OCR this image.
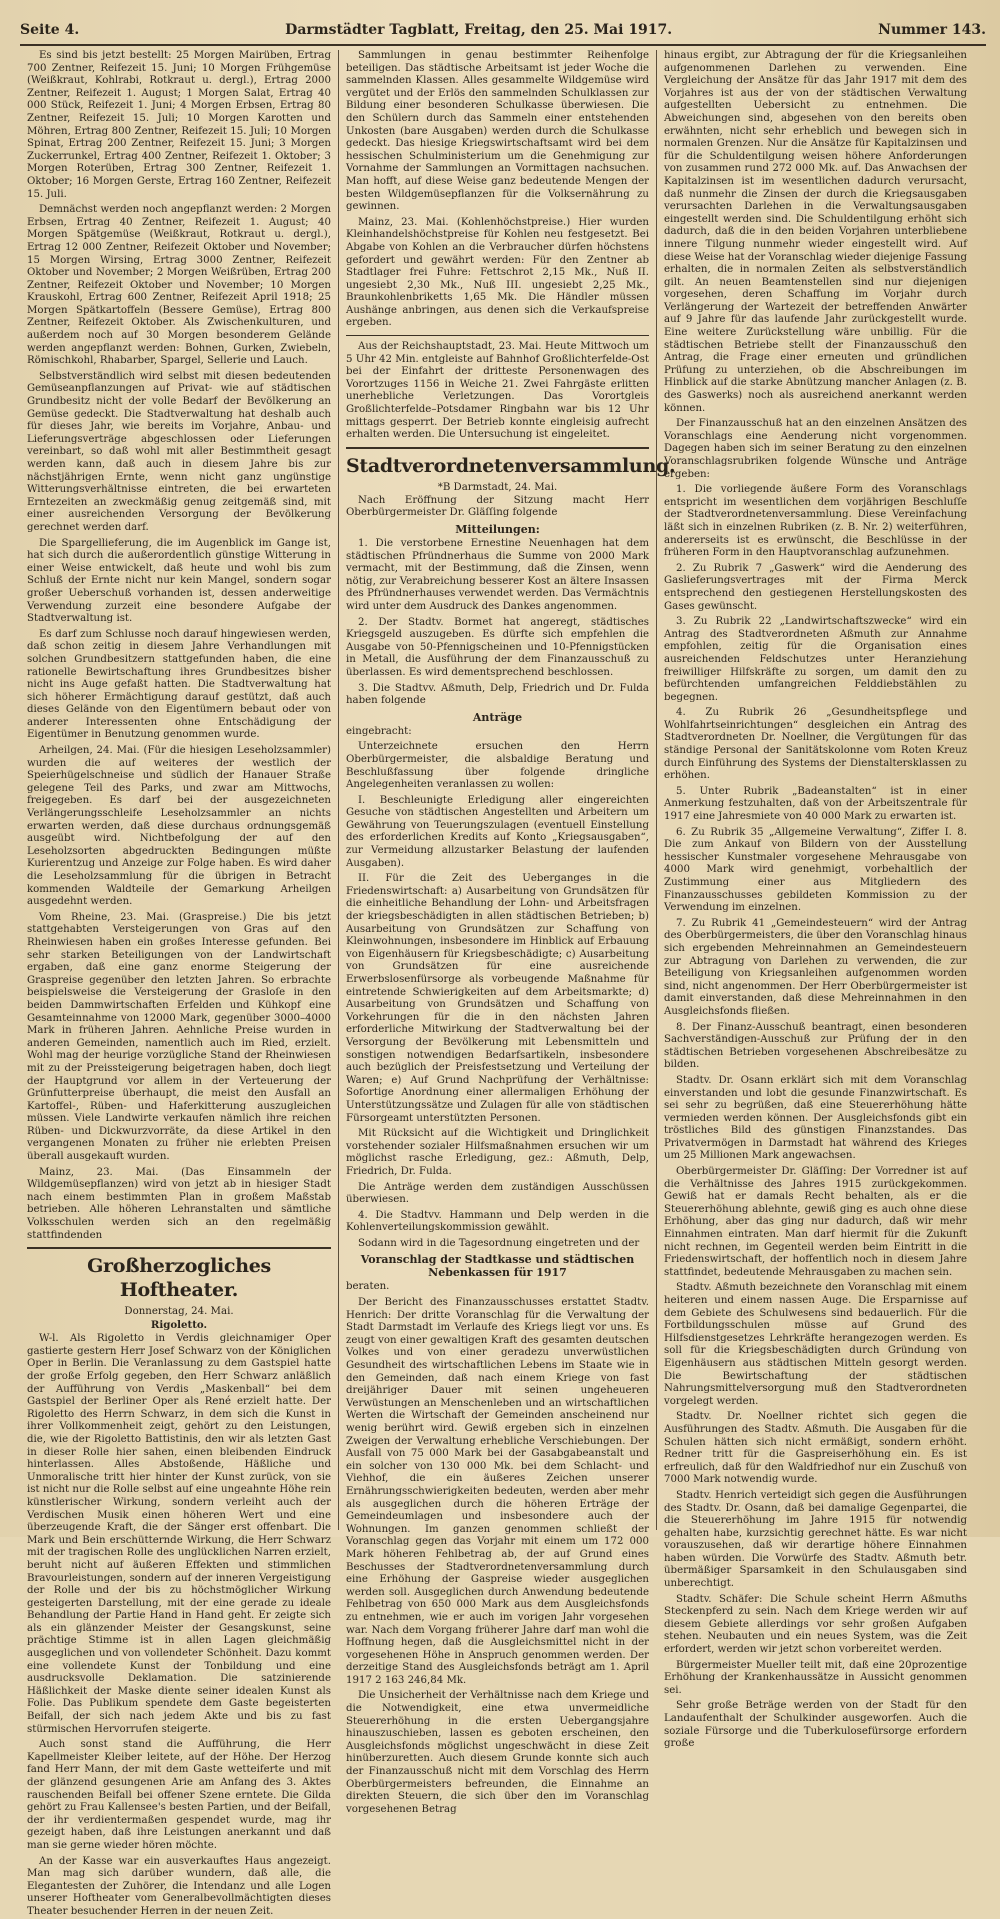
Seite 4.	Darmstädter Tagblatt, Freitag, den 25. Mai 1917.	Nummer 143.

Es sind bis jetzt bestellt: 25 Morgen Mairüben, Ertrag 700 Zentner, Reifezeit 15. Juni; 10 Morgen Frühgemüse (Weißkraut, Kohlrabi, Rotkraut u. dergl.), Ertrag 2000 Zentner, Reifezeit 1. August; 1 Morgen Salat, Ertrag 40 000 Stück, Reifezeit 1. Juni; 4 Morgen Erbsen, Ertrag 80 Zentner, Reifezeit 15. Juli; 10 Morgen Karotten und Möhren, Ertrag 800 Zentner, Reifezeit 15. Juli; 10 Morgen Spinat, Ertrag 200 Zentner, Reifezeit 15. Juni; 3 Morgen Zuckerrunkel, Ertrag 400 Zentner, Reifezeit 1. Oktober; 3 Morgen Roterüben, Ertrag 300 Zentner, Reifezeit 1. Oktober; 16 Morgen Gerste, Ertrag 160 Zentner, Reifezeit 15. Juli.

Demnächst werden noch angepflanzt werden: 2 Morgen Erbsen, Ertrag 40 Zentner, Reifezeit 1. August; 40 Morgen Spätgemüse (Weißkraut, Rotkraut u. dergl.), Ertrag 12 000 Zentner, Reifezeit Oktober und November; 15 Morgen Wirsing, Ertrag 3000 Zentner, Reifezeit Oktober und November; 2 Morgen Weißrüben, Ertrag 200 Zentner, Reifezeit Oktober und November; 10 Morgen Krauskohl, Ertrag 600 Zentner, Reifezeit April 1918; 25 Morgen Spätkartoffeln (Bessere Gemüse), Ertrag 800 Zentner, Reifezeit Oktober. Als Zwischenkulturen, und außerdem noch auf 30 Morgen besonderem Gelände werden angepflanzt werden: Bohnen, Gurken, Zwiebeln, Römischkohl, Rhabarber, Spargel, Sellerie und Lauch.

Selbstverständlich wird selbst mit diesen bedeutenden Gemüseanpflanzungen auf Privat- wie auf städtischen Grundbesitz nicht der volle Bedarf der Bevölkerung an Gemüse gedeckt. Die Stadtverwaltung hat deshalb auch für dieses Jahr, wie bereits im Vorjahre, Anbau- und Lieferungsverträge abgeschlossen oder Lieferungen vereinbart, so daß wohl mit aller Bestimmtheit gesagt werden kann, daß auch in diesem Jahre bis zur nächstjährigen Ernte, wenn nicht ganz ungünstige Witterungsverhältnisse eintreten, die bei erwarteten Erntezeiten an zweckmäßig genug zeitgemäß sind, mit einer ausreichenden Versorgung der Bevölkerung gerechnet werden darf.

Die Spargellieferung, die im Augenblick im Gange ist, hat sich durch die außerordentlich günstige Witterung in einer Weise entwickelt, daß heute und wohl bis zum Schluß der Ernte nicht nur kein Mangel, sondern sogar großer Ueberschuß vorhanden ist, dessen anderweitige Verwendung zurzeit eine besondere Aufgabe der Stadtverwaltung ist.

Es darf zum Schlusse noch darauf hingewiesen werden, daß schon zeitig in diesem Jahre Verhandlungen mit solchen Grundbesitzern stattgefunden haben, die eine rationelle Bewirtschaftung ihres Grundbesitzes bisher nicht ins Auge gefaßt hatten. Die Stadtverwaltung hat sich höherer Ermächtigung darauf gestützt, daß auch dieses Gelände von den Eigentümern bebaut oder von anderer Interessenten ohne Entschädigung der Eigentümer in Benutzung genommen wurde.

Arheilgen, 24. Mai. (Für die hiesigen Leseholzsammler) wurden die auf weiteres der westlich der Speierhügelschneise und südlich der Hanauer Straße gelegene Teil des Parks, und zwar am Mittwochs, freigegeben. Es darf bei der ausgezeichneten Verlängerungsschleife Leseholzsammler an nichts erwarten werden, daß diese durchaus ordnungsgemäß ausgeübt wird. Nichtbefolgung der auf den Leseholzsorten abgedruckten Bedingungen müßte Kurierentzug und Anzeige zur Folge haben. Es wird daher die Leseholzsammlung für die übrigen in Betracht kommenden Waldteile der Gemarkung Arheilgen ausgedehnt werden.

Vom Rheine, 23. Mai. (Graspreise.) Die bis jetzt stattgehabten Versteigerungen von Gras auf den Rheinwiesen haben ein großes Interesse gefunden. Bei sehr starken Beteiligungen von der Landwirtschaft ergaben, daß eine ganz enorme Steigerung der Graspreise gegenüber den letzten Jahren. So erbrachte beispielsweise die Versteigerung der Grasloſe in den beiden Dammwirtschaften Erfelden und Kühkopf eine Gesamteinnahme von 12000 Mark, gegenüber 3000–4000 Mark in früheren Jahren. Aehnliche Preise wurden in anderen Gemeinden, namentlich auch im Ried, erzielt. Wohl mag der heurige vorzügliche Stand der Rheinwiesen mit zu der Preissteigerung beigetragen haben, doch liegt der Hauptgrund vor allem in der Verteuerung der Grünfutterpreise überhaupt, die meist den Ausfall an Kartoffel-, Rüben- und Haferkitterung auszugleichen müssen. Viele Landwirte verkaufen nämlich ihre reichen Rüben- und Dickwurzvorräte, da diese Artikel in den vergangenen Monaten zu früher nie erlebten Preisen überall ausgekauft wurden.

Mainz, 23. Mai. (Das Einsammeln der Wildgemüsepflanzen) wird von jetzt ab in hiesiger Stadt nach einem bestimmten Plan in großem Maßstab betrieben. Alle höheren Lehranstalten und sämtliche Volksschulen werden sich an den regelmäßig stattfindenden

Großherzogliches Hoftheater.
Donnerstag, 24. Mai.
Rigoletto.

W-l. Als Rigoletto in Verdis gleichnamiger Oper gastierte gestern Herr Josef Schwarz von der Königlichen Oper in Berlin. Die Veranlassung zu dem Gastspiel hatte der große Erfolg gegeben, den Herr Schwarz anläßlich der Aufführung von Verdis „Maskenball“ bei dem Gastspiel der Berliner Oper als René erzielt hatte. Der Rigoletto des Herrn Schwarz, in dem sich die Kunst in ihrer Vollkommenheit zeigt, gehört zu den Leistungen, die, wie der Rigoletto Battistinis, den wir als letzten Gast in dieser Rolle hier sahen, einen bleibenden Eindruck hinterlassen. Alles Abstoßende, Häßliche und Unmoralische tritt hier hinter der Kunst zurück, von sie ist nicht nur die Rolle selbst auf eine ungeahnte Höhe rein künstlerischer Wirkung, sondern verleiht auch der Verdischen Musik einen höheren Wert und eine überzeugende Kraft, die der Sänger erst offenbart. Die Mark und Bein erschütternde Wirkung, die Herr Schwarz mit der tragischen Rolle des unglücklichen Narren erzielt, beruht nicht auf äußeren Effekten und stimmlichen Bravourleistungen, sondern auf der inneren Vergeistigung der Rolle und der bis zu höchstmöglicher Wirkung gesteigerten Darstellung, mit der eine gerade zu ideale Behandlung der Partie Hand in Hand geht. Er zeigte sich als ein glänzender Meister der Gesangskunst, seine prächtige Stimme ist in allen Lagen gleichmäßig ausgeglichen und von vollendeter Schönheit. Dazu kommt eine vollendete Kunst der Tonbildung und eine ausdrucksvolle Deklamation. Die satzinierende Häßlichkeit der Maske diente seiner idealen Kunst als Folie. Das Publikum spendete dem Gaste begeisterten Beifall, der sich nach jedem Akte und bis zu fast stürmischen Hervorrufen steigerte.

Auch sonst stand die Aufführung, die Herr Kapellmeister Kleiber leitete, auf der Höhe. Der Herzog fand Herr Mann, der mit dem Gaste wetteiferte und mit der glänzend gesungenen Arie am Anfang des 3. Aktes rauschenden Beifall bei offener Szene erntete. Die Gilda gehört zu Frau Kallensee's besten Partien, und der Beifall, der ihr verdientermaßen gespendet wurde, mag ihr gezeigt haben, daß ihre Leistungen anerkannt und daß man sie gerne wieder hören möchte.

An der Kasse war ein ausverkauftes Haus angezeigt. Man mag sich darüber wundern, daß alle, die Elegantesten der Zuhörer, die Intendanz und alle Logen unserer Hoftheater vom Generalbevollmächtigten dieses Theater besuchender Herren in der neuen Zeit.

Sammlungen in genau bestimmter Reihenfolge beteiligen. Das städtische Arbeitsamt ist jeder Woche die sammelnden Klassen. Alles gesammelte Wildgemüse wird vergütet und der Erlös den sammelnden Schulklassen zur Bildung einer besonderen Schulkasse überwiesen. Die den Schülern durch das Sammeln einer entstehenden Unkosten (bare Ausgaben) werden durch die Schulkasse gedeckt. Das hiesige Kriegswirtschaftsamt wird bei dem hessischen Schulministerium um die Genehmigung zur Vornahme der Sammlungen an Vormittagen nachsuchen. Man hofft, auf diese Weise ganz bedeutende Mengen der besten Wildgemüsepflanzen für die Volksernährung zu gewinnen.

Mainz, 23. Mai. (Kohlenhöchstpreise.) Hier wurden Kleinhandelshöchstpreise für Kohlen neu festgesetzt. Bei Abgabe von Kohlen an die Verbraucher dürfen höchstens gefordert und gewährt werden: Für den Zentner ab Stadtlager frei Fuhre: Fettschrot 2,15 Mk., Nuß II. ungesiebt 2,30 Mk., Nuß III. ungesiebt 2,25 Mk., Braunkohlenbriketts 1,65 Mk. Die Händler müssen Aushänge anbringen, aus denen sich die Verkaufspreise ergeben.

Aus der Reichshauptstadt, 23. Mai. Heute Mittwoch um 5 Uhr 42 Min. entgleiste auf Bahnhof Großlichterfelde-Ost bei der Einfahrt der dritteste Personenwagen des Vorortzuges 1156 in Weiche 21. Zwei Fahrgäste erlitten unerhebliche Verletzungen. Das Vorortgleis Großlichterfelde–Potsdamer Ringbahn war bis 12 Uhr mittags gesperrt. Der Betrieb konnte eingleisig aufrecht erhalten werden. Die Untersuchung ist eingeleitet.

Stadtverordnetenversammlung.
*B Darmstadt, 24. Mai.

Nach Eröffnung der Sitzung macht Herr Oberbürgermeister Dr. Gläſſing folgende

Mitteilungen:

1. Die verstorbene Ernestine Neuenhagen hat dem städtischen Pfründnerhaus die Summe von 2000 Mark vermacht, mit der Bestimmung, daß die Zinsen, wenn nötig, zur Verabreichung besserer Kost an ältere Insassen des Pfründnerhauses verwendet werden. Das Vermächtnis wird unter dem Ausdruck des Dankes angenommen.

2. Der Stadtv. Bormet hat angeregt, städtisches Kriegsgeld auszugeben. Es dürfte sich empfehlen die Ausgabe von 50-Pfennigscheinen und 10-Pfennigstücken in Metall, die Ausführung der dem Finanzausschuß zu überlassen. Es wird dementsprechend beschlossen.

3. Die Stadtvv. Aßmuth, Delp, Friedrich und Dr. Fulda haben folgende

Anträge

eingebracht:

Unterzeichnete ersuchen den Herrn Oberbürgermeister, die alsbaldige Beratung und Beschlußfassung über folgende dringliche Angelegenheiten veranlassen zu wollen:

I. Beschleunigte Erledigung aller eingereichten Gesuche von städtischen Angestellten und Arbeitern um Gewährung von Teuerungszulagen (eventuell Einstellung des erforderlichen Kredits auf Konto „Kriegsausgaben“, zur Vermeidung allzustarker Belastung der laufenden Ausgaben).

II. Für die Zeit des Ueberganges in die Friedenswirtschaft: a) Ausarbeitung von Grundsätzen für die einheitliche Behandlung der Lohn- und Arbeitsfragen der kriegsbeschädigten in allen städtischen Betrieben; b) Ausarbeitung von Grundsätzen zur Schaffung von Kleinwohnungen, insbesondere im Hinblick auf Erbauung von Eigenhäusern für Kriegsbeschädigte; c) Ausarbeitung von Grundsätzen für eine ausreichende Erwerbslosenfürsorge als vorbeugende Maßnahme für eintretende Schwierigkeiten auf dem Arbeitsmarkte; d) Ausarbeitung von Grundsätzen und Schaffung von Vorkehrungen für die in den nächsten Jahren erforderliche Mitwirkung der Stadtverwaltung bei der Versorgung der Bevölkerung mit Lebensmitteln und sonstigen notwendigen Bedarfsartikeln, insbesondere auch bezüglich der Preisfestsetzung und Verteilung der Waren; e) Auf Grund Nachprüfung der Verhältnisse: Sofortige Anordnung einer allermaligen Erhöhung der Unterstützungssätze und Zulagen für alle von städtischen Fürsorgeamt unterstützten Personen.

Mit Rücksicht auf die Wichtigkeit und Dringlichkeit vorstehender sozialer Hilfsmaßnahmen ersuchen wir um möglichst rasche Erledigung, gez.: Aßmuth, Delp, Friedrich, Dr. Fulda.

Die Anträge werden dem zuständigen Ausschüssen überwiesen.

4. Die Stadtvv. Hammann und Delp werden in die Kohlenverteilungskommission gewählt.

Sodann wird in die Tagesordnung eingetreten und der

Voranschlag der Stadtkasse und städtischen Nebenkassen für 1917

beraten.

Der Bericht des Finanzausschusses erstattet Stadtv. Henrich: Der dritte Voranschlag für die Verwaltung der Stadt Darmstadt im Verlaufe des Kriegs liegt vor uns. Es zeugt von einer gewaltigen Kraft des gesamten deutschen Volkes und von einer geradezu unverwüstlichen Gesundheit des wirtschaftlichen Lebens im Staate wie in den Gemeinden, daß nach einem Kriege von fast dreijähriger Dauer mit seinen ungeheueren Verwüstungen an Menschenleben und an wirtschaftlichen Werten die Wirtschaft der Gemeinden anscheinend nur wenig berührt wird. Gewiß ergeben sich in einzelnen Zweigen der Verwaltung erhebliche Verschiebungen. Der Ausfall von 75 000 Mark bei der Gasabgabeanstalt und ein solcher von 130 000 Mk. bei dem Schlacht- und Viehhof, die ein äußeres Zeichen unserer Ernährungsschwierigkeiten bedeuten, werden aber mehr als ausgeglichen durch die höheren Erträge der Gemeindeumlagen und insbesondere auch der Wohnungen. Im ganzen genommen schließt der Voranschlag gegen das Vorjahr mit einem um 172 000 Mark höheren Fehlbetrag ab, der auf Grund eines Beschusses der Stadtverordnetenversammlung durch eine Erhöhung der Gaspreise wieder ausgeglichen werden soll. Ausgeglichen durch Anwendung bedeutende Fehlbetrag von 650 000 Mark aus dem Ausgleichsfonds zu entnehmen, wie er auch im vorigen Jahr vorgesehen war. Nach dem Vorgang früherer Jahre darf man wohl die Hoffnung hegen, daß die Ausgleichsmittel nicht in der vorgesehenen Höhe in Anspruch genommen werden. Der derzeitige Stand des Ausgleichsfonds beträgt am 1. April 1917 2 163 246,84 Mk.

Die Unsicherheit der Verhältnisse nach dem Kriege und die Notwendigkeit, eine etwa unvermeidliche Steuererhöhung in die ersten Uebergangsjahre hinauszuschieben, lassen es geboten erscheinen, den Ausgleichsfonds möglichst ungeschwächt in diese Zeit hinüberzuretten. Auch diesem Grunde konnte sich auch der Finanzausschuß nicht mit dem Vorschlag des Herrn Oberbürgermeisters befreunden, die Einnahme an direkten Steuern, die sich über den im Voranschlag vorgesehenen Betrag

hinaus ergibt, zur Abtragung der für die Kriegsanleihen aufgenommenen Darlehen zu verwenden. Eine Vergleichung der Ansätze für das Jahr 1917 mit dem des Vorjahres ist aus der von der städtischen Verwaltung aufgestellten Uebersicht zu entnehmen. Die Abweichungen sind, abgesehen von den bereits oben erwähnten, nicht sehr erheblich und bewegen sich in normalen Grenzen. Nur die Ansätze für Kapitalzinsen und für die Schuldentilgung weisen höhere Anforderungen von zusammen rund 272 000 Mk. auf. Das Anwachsen der Kapitalzinsen ist im wesentlichen dadurch verursacht, daß nunmehr die Zinsen der durch die Kriegsausgaben verursachten Darlehen in die Verwaltungsausgaben eingestellt werden sind. Die Schuldentilgung erhöht sich dadurch, daß die in den beiden Vorjahren unterbliebene innere Tilgung nunmehr wieder eingestellt wird. Auf diese Weise hat der Voranschlag wieder diejenige Fassung erhalten, die in normalen Zeiten als selbstverständlich gilt. An neuen Beamtenstellen sind nur diejenigen vorgesehen, deren Schaffung im Vorjahr durch Verlängerung der Wartezeit der betreffenden Anwärter auf 9 Jahre für das laufende Jahr zurückgestellt wurde. Eine weitere Zurückstellung wäre unbillig. Für die städtischen Betriebe stellt der Finanzausschuß den Antrag, die Frage einer erneuten und gründlichen Prüfung zu unterziehen, ob die Abschreibungen im Hinblick auf die starke Abnützung mancher Anlagen (z. B. des Gaswerks) noch als ausreichend anerkannt werden können.

Der Finanzausschuß hat an den einzelnen Ansätzen des Voranschlags eine Aenderung nicht vorgenommen. Dagegen haben sich im seiner Beratung zu den einzelnen Voranschlagsrubriken folgende Wünsche und Anträge ergeben:

1. Die vorliegende äußere Form des Voranschlags entspricht im wesentlichen dem vorjährigen Beschluſſe der Stadtverordnetenversammlung. Diese Vereinfachung läßt sich in einzelnen Rubriken (z. B. Nr. 2) weiterführen, andererseits ist es erwünscht, die Beschlüsse in der früheren Form in den Hauptvoranschlag aufzunehmen.

2. Zu Rubrik 7 „Gaswerk“ wird die Aenderung des Gaslieferungsvertrages mit der Firma Merck entsprechend den gestiegenen Herstellungskosten des Gases gewünscht.

3. Zu Rubrik 22 „Landwirtschaftszwecke“ wird ein Antrag des Stadtverordneten Aßmuth zur Annahme empfohlen, zeitig für die Organisation eines ausreichenden Feldschutzes unter Heranziehung freiwilliger Hilfskräfte zu sorgen, um damit den zu befürchtenden umfangreichen Felddiebstählen zu begegnen.

4. Zu Rubrik 26 „Gesundheitspflege und Wohlfahrtseinrichtungen“ desgleichen ein Antrag des Stadtverordneten Dr. Noellner, die Vergütungen für das ständige Personal der Sanitätskolonne vom Roten Kreuz durch Einführung des Systems der Dienstaltersklassen zu erhöhen.

5. Unter Rubrik „Badeanstalten“ ist in einer Anmerkung festzuhalten, daß von der Arbeitszentrale für 1917 eine Jahresmiete von 40 000 Mark zu erwarten ist.

6. Zu Rubrik 35 „Allgemeine Verwaltung“, Ziffer I. 8. Die zum Ankauf von Bildern von der Ausstellung hessischer Kunstmaler vorgesehene Mehrausgabe von 4000 Mark wird genehmigt, vorbehaltlich der Zustimmung einer aus Mitgliedern des Finanzausschusses gebildeten Kommission zu der Verwendung im einzelnen.

7. Zu Rubrik 41 „Gemeindesteuern“ wird der Antrag des Oberbürgermeisters, die über den Voranschlag hinaus sich ergebenden Mehreinnahmen an Gemeindesteuern zur Abtragung von Darlehen zu verwenden, die zur Beteiligung von Kriegsanleihen aufgenommen worden sind, nicht angenommen. Der Herr Oberbürgermeister ist damit einverstanden, daß diese Mehreinnahmen in den Ausgleichsfonds fließen.

8. Der Finanz-Ausschuß beantragt, einen besonderen Sachverständigen-Ausschuß zur Prüfung der in den städtischen Betrieben vorgesehenen Abschreibesätze zu bilden.

Stadtv. Dr. Osann erklärt sich mit dem Voranschlag einverstanden und lobt die gesunde Finanzwirtschaft. Es sei sehr zu begrüßen, daß eine Steuererhöhung hätte vermieden werden können. Der Ausgleichsfonds gibt ein tröstliches Bild des günstigen Finanzstandes. Das Privatvermögen in Darmstadt hat während des Krieges um 25 Millionen Mark angewachsen.

Oberbürgermeister Dr. Gläſſing: Der Vorredner ist auf die Verhältnisse des Jahres 1915 zurückgekommen. Gewiß hat er damals Recht behalten, als er die Steuererhöhung ablehnte, gewiß ging es auch ohne diese Erhöhung, aber das ging nur dadurch, daß wir mehr Einnahmen eintraten. Man darf hiermit für die Zukunft nicht rechnen, im Gegenteil werden beim Eintritt in die Friedenswirtschaft, der hoffentlich noch in diesem Jahre stattfindet, bedeutende Mehrausgaben zu machen sein.

Stadtv. Aßmuth bezeichnete den Voranschlag mit einem heiteren und einem nassen Auge. Die Ersparnisse auf dem Gebiete des Schulwesens sind bedauerlich. Für die Fortbildungsschulen müsse auf Grund des Hilfsdienstgesetzes Lehrkräfte herangezogen werden. Es soll für die Kriegsbeschädigten durch Gründung von Eigenhäusern aus städtischen Mitteln gesorgt werden. Die Bewirtschaftung der städtischen Nahrungsmittelversorgung muß den Stadtverordneten vorgelegt werden.

Stadtv. Dr. Noellner richtet sich gegen die Ausführungen des Stadtv. Aßmuth. Die Ausgaben für die Schulen hätten sich nicht ermäßigt, sondern erhöht. Redner tritt für die Gaspreiserhöhung ein. Es ist erfreulich, daß für den Waldfriedhof nur ein Zuschuß von 7000 Mark notwendig wurde.

Stadtv. Henrich verteidigt sich gegen die Ausführungen des Stadtv. Dr. Osann, daß bei damalige Gegenpartei, die die Steuererhöhung im Jahre 1915 für notwendig gehalten habe, kurzsichtig gerechnet hätte. Es war nicht vorauszusehen, daß wir derartige höhere Einnahmen haben würden. Die Vorwürfe des Stadtv. Aßmuth betr. übermäßiger Sparsamkeit in den Schulausgaben sind unberechtigt.

Stadtv. Schäfer: Die Schule scheint Herrn Aßmuths Steckenpferd zu sein. Nach dem Kriege werden wir auf diesem Gebiete allerdings vor sehr großen Aufgaben stehen. Neubauten und ein neues System, was die Zeit erfordert, werden wir jetzt schon vorbereitet werden.

Bürgermeister Mueller teilt mit, daß eine 20prozentige Erhöhung der Krankenhaussätze in Aussicht genommen sei.

Sehr große Beträge werden von der Stadt für den Landaufenthalt der Schulkinder ausgeworfen. Auch die soziale Fürsorge und die Tuberkulosefürsorge erfordern große
